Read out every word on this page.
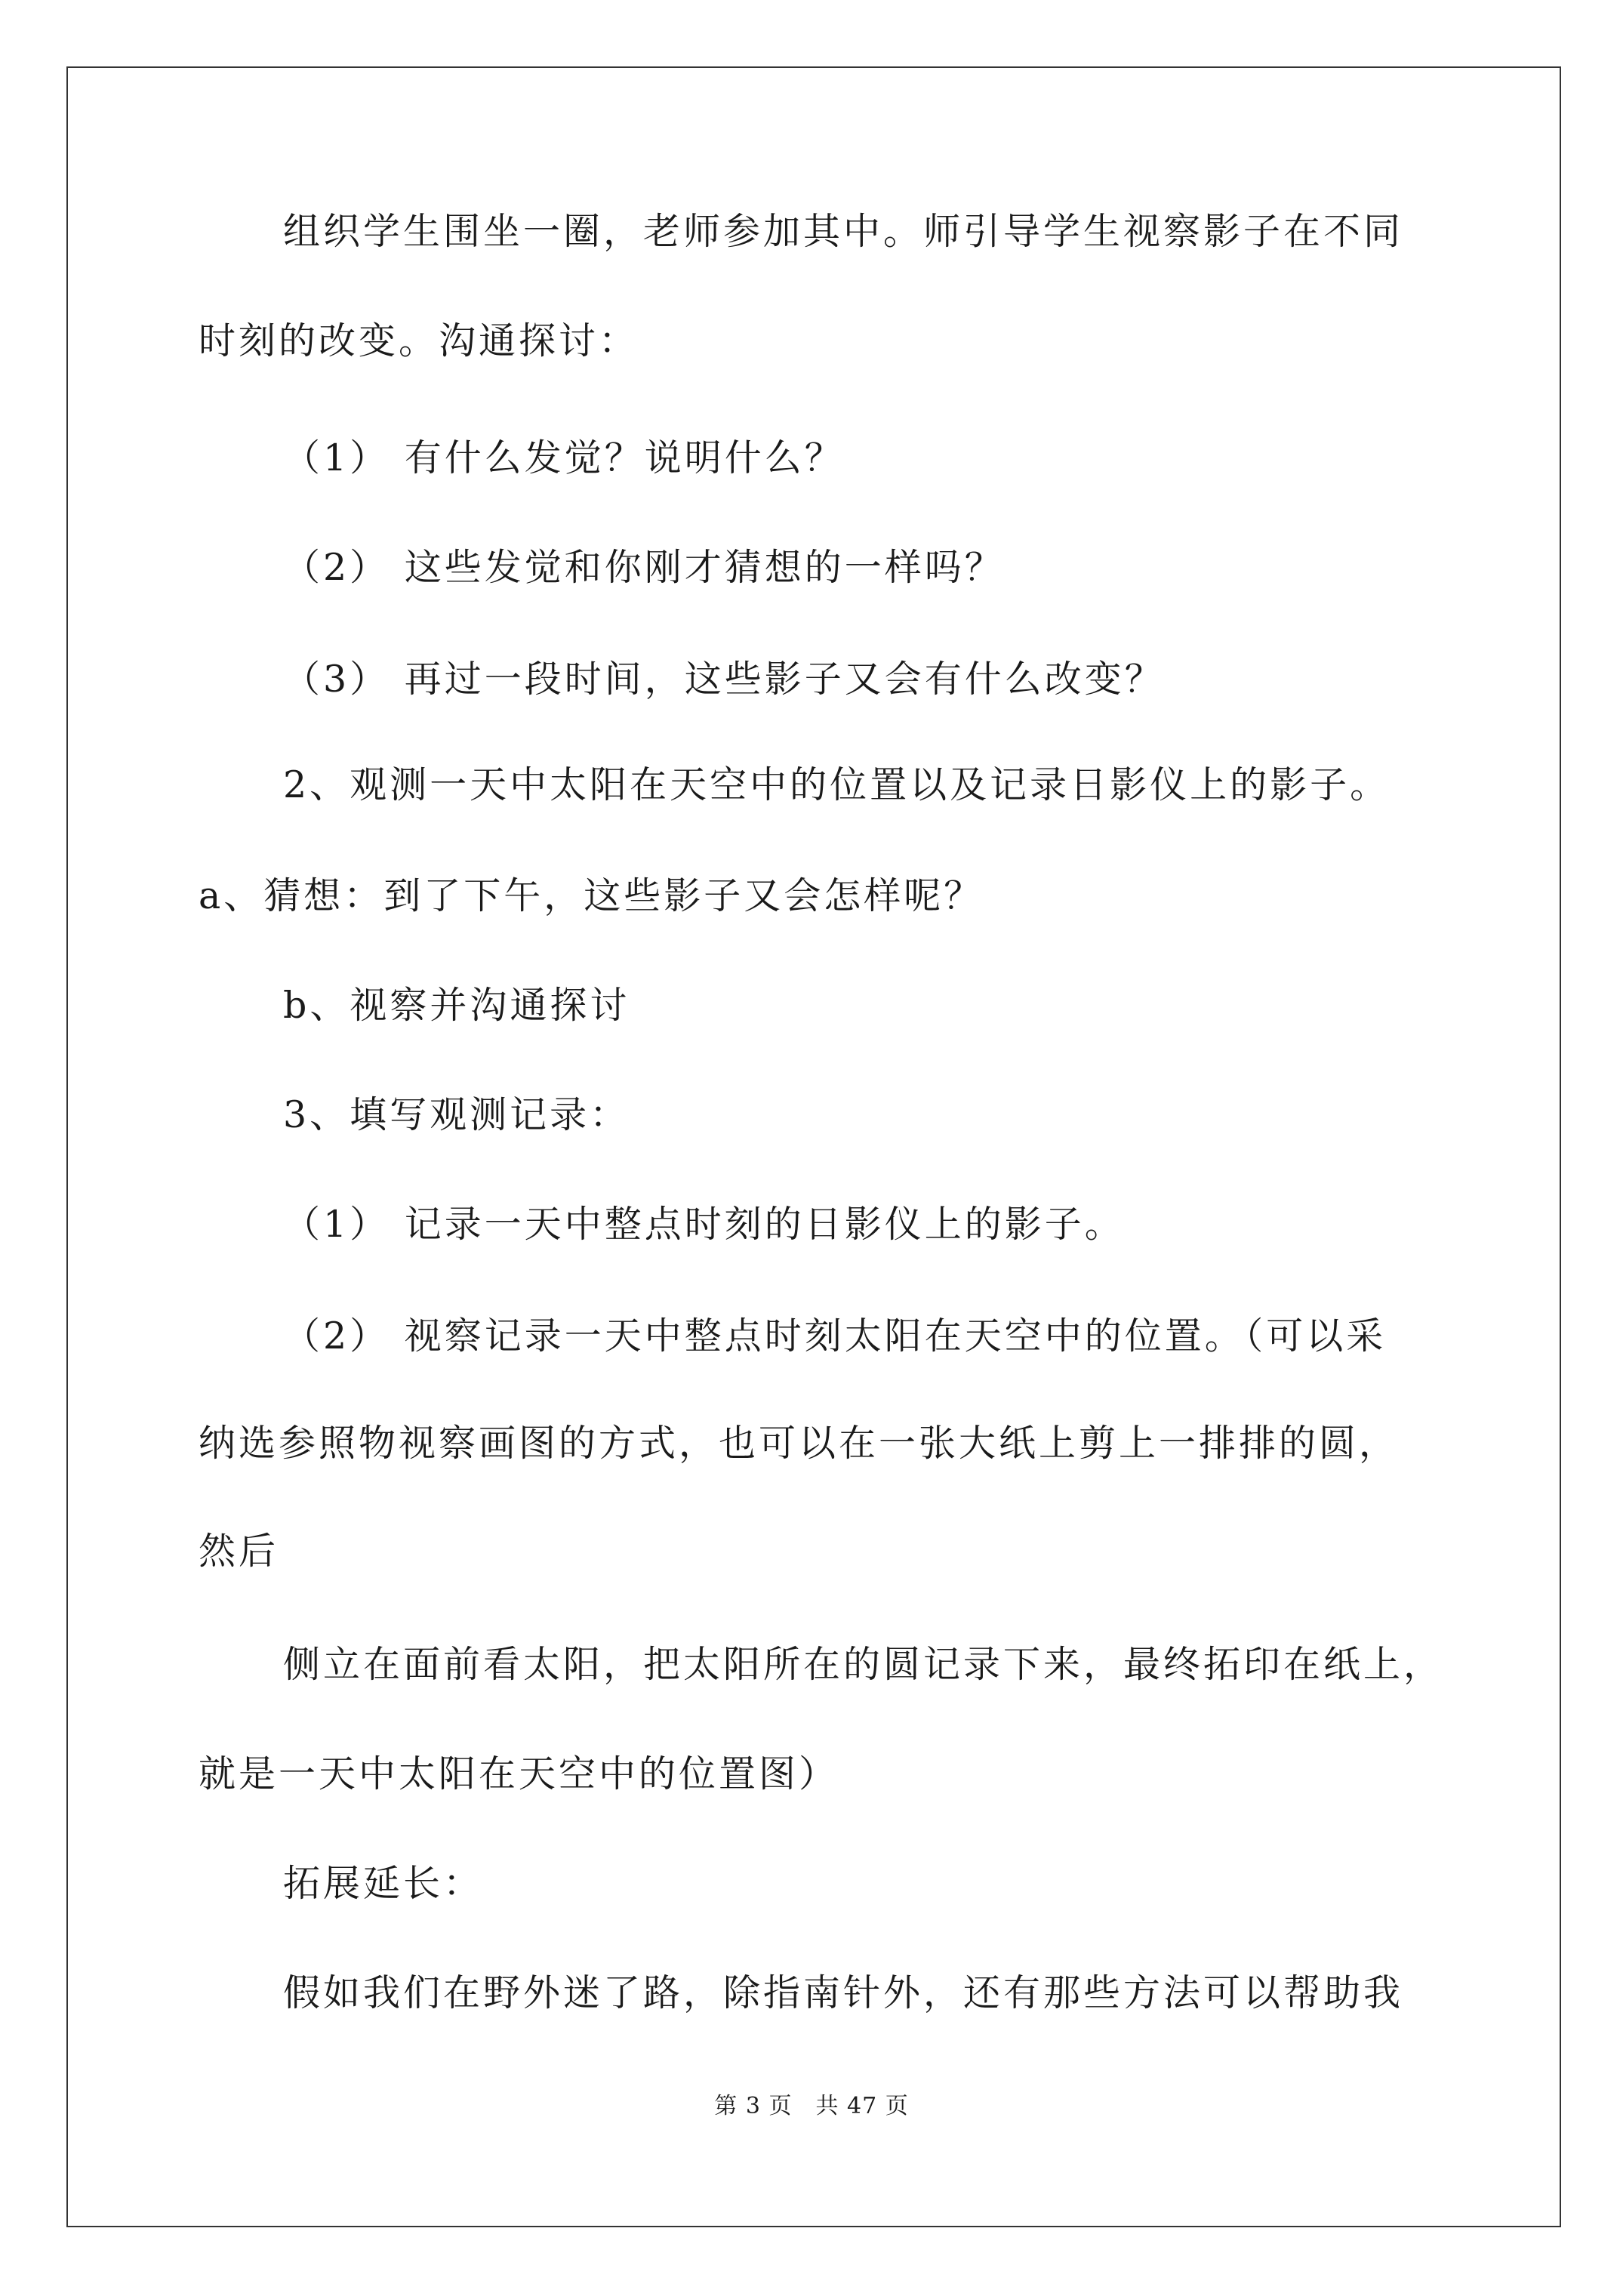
组织学生围坐一圈，老师参加其中。师引导学生视察影子在不同
时刻的改变。沟通探讨：
（1） 有什么发觉？说明什么？
（2） 这些发觉和你刚才猜想的一样吗？
（3） 再过一段时间，这些影子又会有什么改变？
2、观测一天中太阳在天空中的位置以及记录日影仪上的影子。
a、猜想：到了下午，这些影子又会怎样呢？
b、视察并沟通探讨
3、填写观测记录：
（1） 记录一天中整点时刻的日影仪上的影子。
（2） 视察记录一天中整点时刻太阳在天空中的位置。（可以采
纳选参照物视察画图的方式，也可以在一张大纸上剪上一排排的圆，
然后
侧立在面前看太阳，把太阳所在的圆记录下来，最终拓印在纸上，
就是一天中太阳在天空中的位置图）
拓展延长：
假如我们在野外迷了路，除指南针外，还有那些方法可以帮助我
第 3 页　共 47 页
